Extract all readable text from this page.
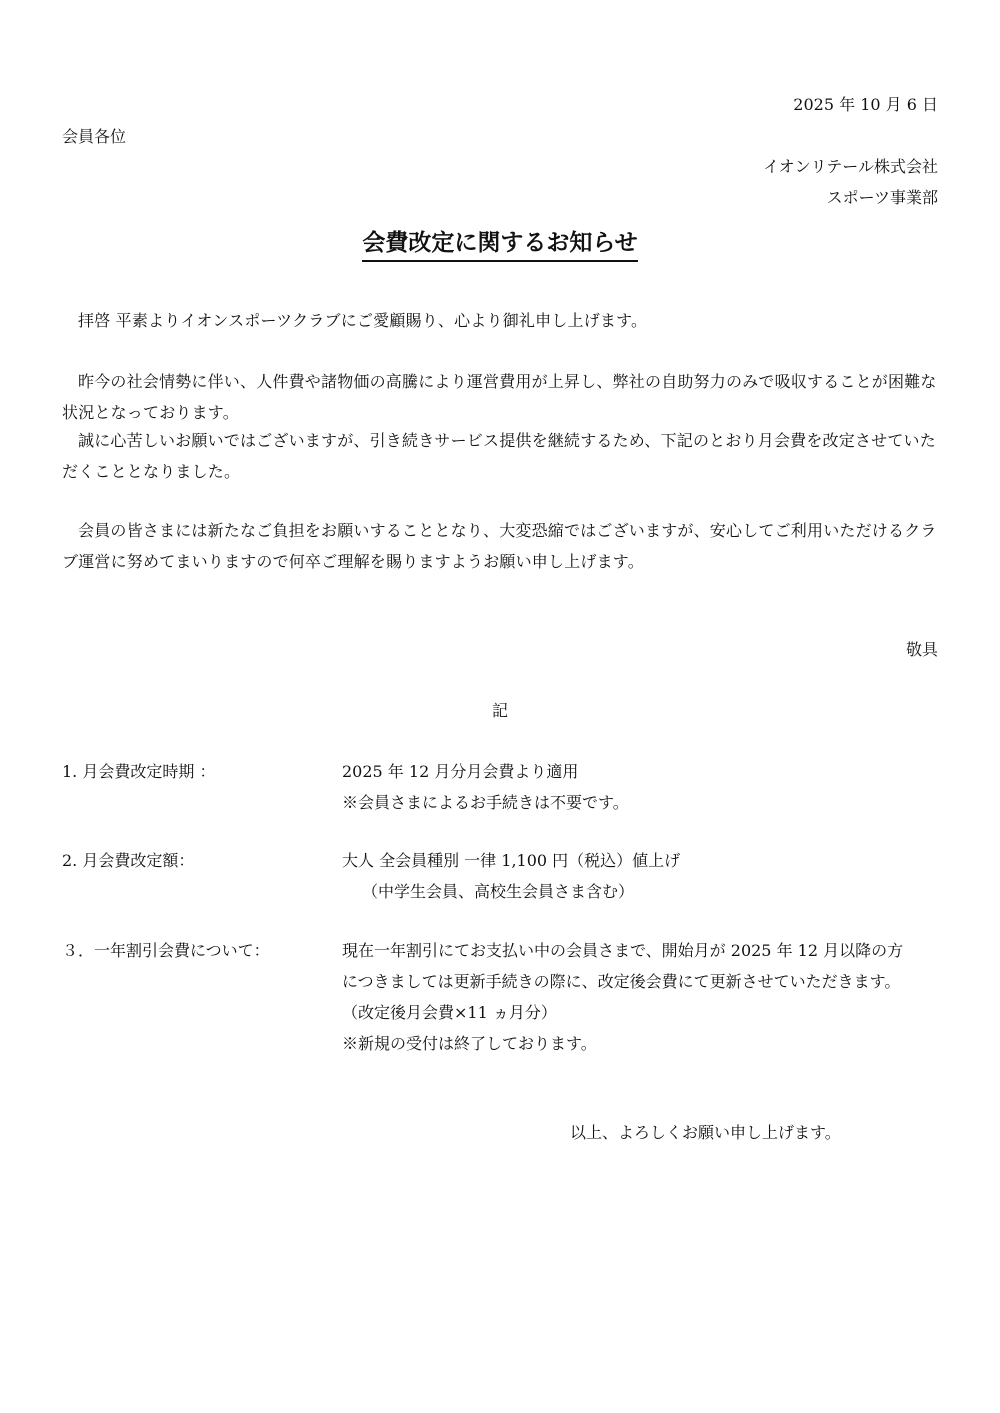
2025 年 10 月 6 日
会員各位
イオンリテール株式会社
スポーツ事業部
会費改定に関するお知らせ
拝啓 平素よりイオンスポーツクラブにご愛顧賜り、心より御礼申し上げます。
昨今の社会情勢に伴い、人件費や諸物価の高騰により運営費用が上昇し、弊社の自助努力のみで吸収することが困難な状況となっております。
誠に心苦しいお願いではございますが、引き続きサービス提供を継続するため、下記のとおり月会費を改定させていただくこととなりました。
会員の皆さまには新たなご負担をお願いすることとなり、大変恐縮ではございますが、安心してご利用いただけるクラブ運営に努めてまいりますので何卒ご理解を賜りますようお願い申し上げます。
敬具
記
1. 月会費改定時期 ：	2025 年 12 月分月会費より適用
※会員さまによるお手続きは不要です。
2. 月会費改定額：	大人 全会員種別 一律 1,100 円（税込）値上げ
（中学生会員、高校生会員さま含む）
３．一年割引会費について：	現在一年割引にてお支払い中の会員さまで、開始月が 2025 年 12 月以降の方
につきましては更新手続きの際に、改定後会費にて更新させていただきます。
（改定後月会費×11 ヵ月分）
※新規の受付は終了しております。
以上、よろしくお願い申し上げます。
